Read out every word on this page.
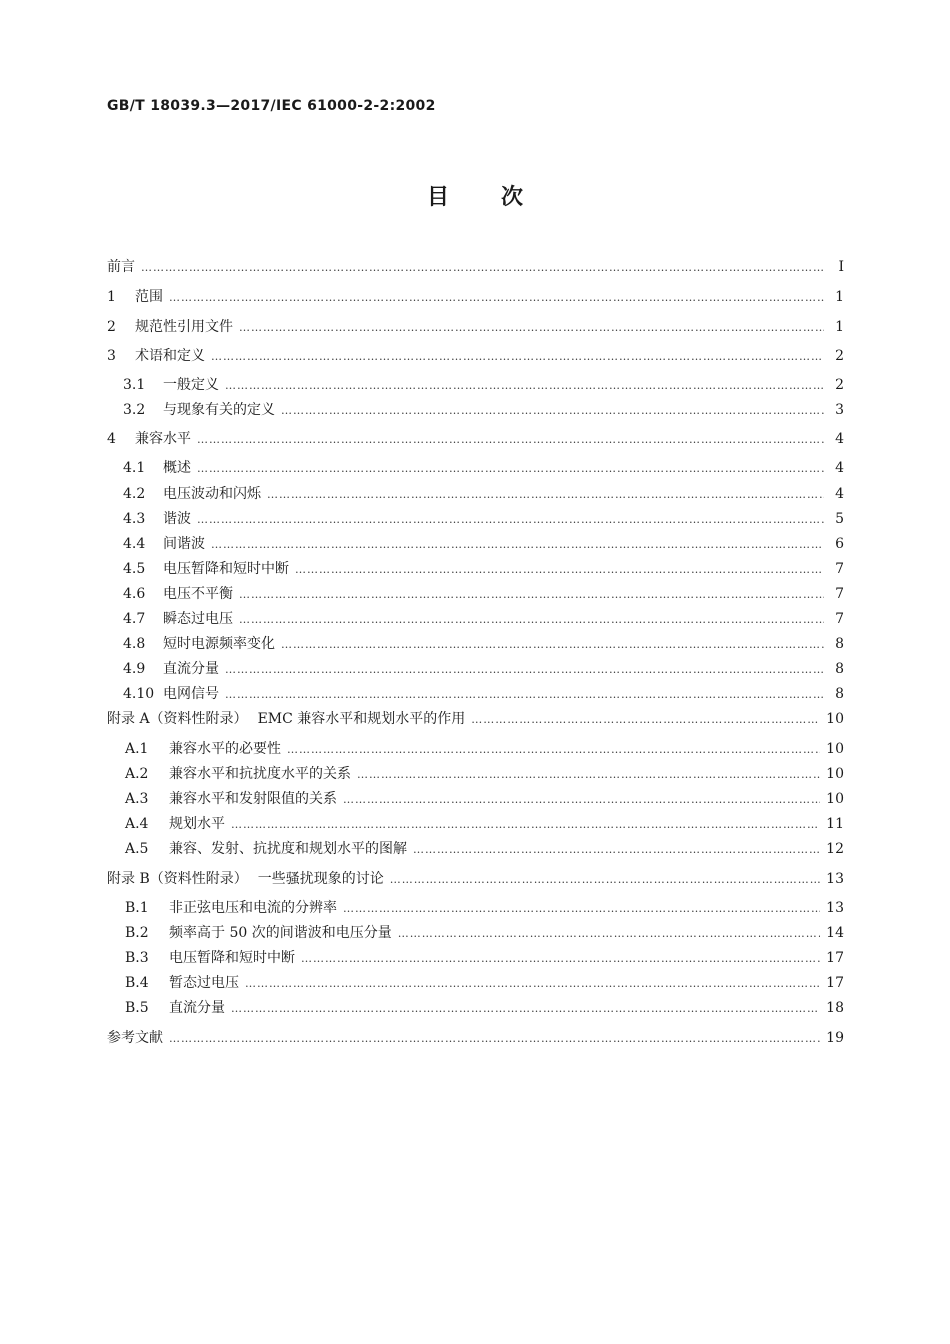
GB/T 18039.3—2017/IEC 61000-2-2:2002
目 次
前言 …………………………………………………………………………………………………………………………………………………………………………………………………………………	Ⅰ
1	范围 …………………………………………………………………………………………………………………………………………………………………………………………………………………	1
2	规范性引用文件 …………………………………………………………………………………………………………………………………………………………………………………………………………………	1
3	术语和定义 …………………………………………………………………………………………………………………………………………………………………………………………………………………	2
3.1	一般定义 …………………………………………………………………………………………………………………………………………………………………………………………………………………	2
3.2	与现象有关的定义 …………………………………………………………………………………………………………………………………………………………………………………………………………………	3
4	兼容水平 …………………………………………………………………………………………………………………………………………………………………………………………………………………	4
4.1	概述 …………………………………………………………………………………………………………………………………………………………………………………………………………………	4
4.2	电压波动和闪烁 …………………………………………………………………………………………………………………………………………………………………………………………………………………	4
4.3	谐波 …………………………………………………………………………………………………………………………………………………………………………………………………………………	5
4.4	间谐波 …………………………………………………………………………………………………………………………………………………………………………………………………………………	6
4.5	电压暂降和短时中断 …………………………………………………………………………………………………………………………………………………………………………………………………………………	7
4.6	电压不平衡 …………………………………………………………………………………………………………………………………………………………………………………………………………………	7
4.7	瞬态过电压 …………………………………………………………………………………………………………………………………………………………………………………………………………………	7
4.8	短时电源频率变化 …………………………………………………………………………………………………………………………………………………………………………………………………………………	8
4.9	直流分量 …………………………………………………………………………………………………………………………………………………………………………………………………………………	8
4.10 电网信号 …………………………………………………………………………………………………………………………………………………………………………………………………………………	8
附录 A（资料性附录） EMC 兼容水平和规划水平的作用 …………………………………………………………………………………………………………………………………………………………………………………………………………………	10
A.1	兼容水平的必要性 …………………………………………………………………………………………………………………………………………………………………………………………………………………	10
A.2	兼容水平和抗扰度水平的关系 …………………………………………………………………………………………………………………………………………………………………………………………………………………	10
A.3	兼容水平和发射限值的关系 …………………………………………………………………………………………………………………………………………………………………………………………………………………	10
A.4	规划水平 …………………………………………………………………………………………………………………………………………………………………………………………………………………	11
A.5	兼容、发射、抗扰度和规划水平的图解 …………………………………………………………………………………………………………………………………………………………………………………………………………………	12
附录 B（资料性附录） 一些骚扰现象的讨论 …………………………………………………………………………………………………………………………………………………………………………………………………………………	13
B.1	非正弦电压和电流的分辨率 …………………………………………………………………………………………………………………………………………………………………………………………………………………	13
B.2	频率高于 50 次的间谐波和电压分量 …………………………………………………………………………………………………………………………………………………………………………………………………………………	14
B.3	电压暂降和短时中断 …………………………………………………………………………………………………………………………………………………………………………………………………………………	17
B.4	暂态过电压 …………………………………………………………………………………………………………………………………………………………………………………………………………………	17
B.5	直流分量 …………………………………………………………………………………………………………………………………………………………………………………………………………………	18
参考文献 …………………………………………………………………………………………………………………………………………………………………………………………………………………	19
